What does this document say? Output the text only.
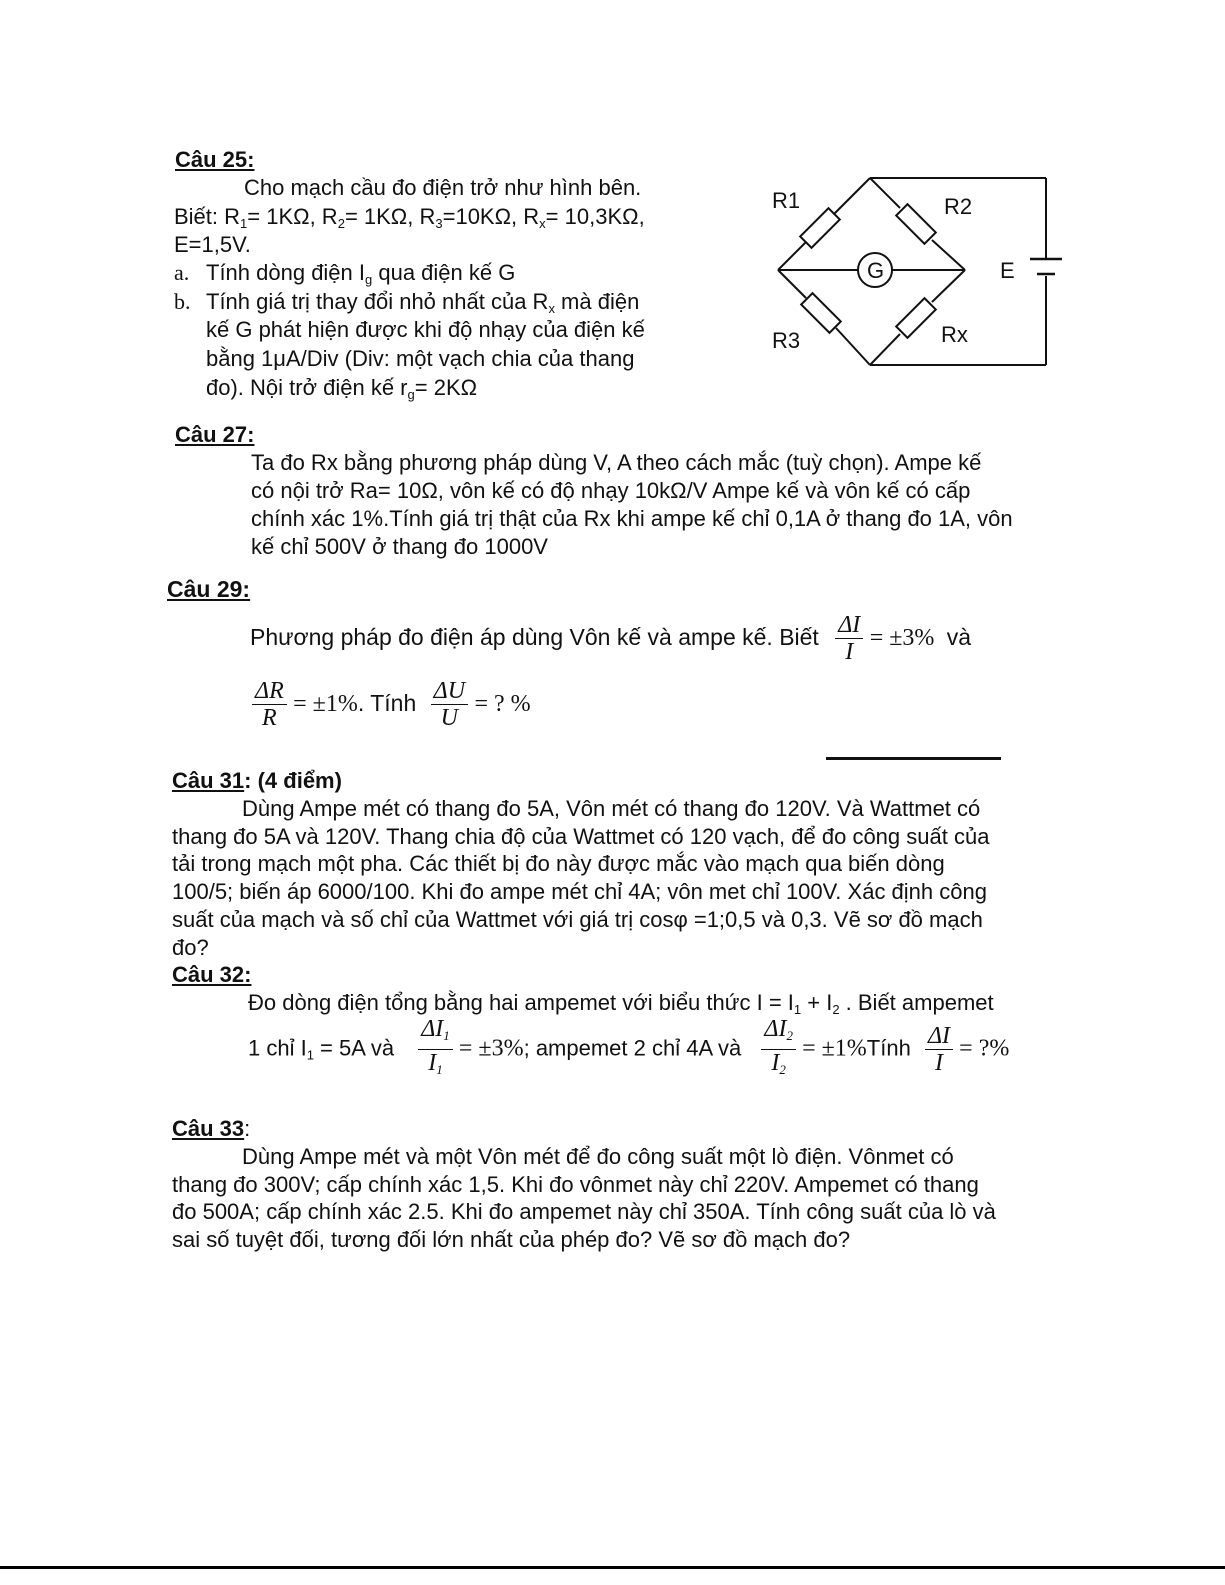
Câu 25:
Cho mạch cầu đo điện trở như hình bên.
Biết: $R_1= 1K\Omega$, $R_2= 1K\Omega$, $R_3=10K\Omega$, $R_x= 10,3K\Omega$,
E=1,5V.
a. Tính dòng điện $I_g$ qua điện kế G
b. Tính giá trị thay đổi nhỏ nhất của $R_x$ mà điện
kế G phát hiện được khi độ nhạy của điện kế
bằng 1μA/Div (Div: một vạch chia của thang
đo). Nội trở điện kế $r_g= 2K\Omega$
R1	R2
R3	Rx
G	E
Câu 27:
Ta đo Rx bằng phương pháp dùng V, A theo cách mắc (tuỳ chọn). Ampe kế
có nội trở Ra= 10Ω, vôn kế có độ nhạy 10kΩ/V Ampe kế và vôn kế có cấp
chính xác 1%.Tính giá trị thật của Rx khi ampe kế chỉ 0,1A ở thang đo 1A, vôn
kế chỉ 500V ở thang đo 1000V
Câu 29:
Phương pháp đo điện áp dùng Vôn kế và ampe kế. Biết $\frac{\Delta I}{I} = \pm 3\%$ và
$\frac{\Delta R}{R} = \pm 1\%$. Tính $\frac{\Delta U}{U}$ = ? %
Câu 31: (4 điểm)
Dùng Ampe mét có thang đo 5A, Vôn mét có thang đo 120V. Và Wattmet có
thang đo 5A và 120V. Thang chia độ của Wattmet có 120 vạch, để đo công suất của
tải trong mạch một pha. Các thiết bị đo này được mắc vào mạch qua biến dòng
100/5; biến áp 6000/100. Khi đo ampe mét chỉ 4A; vôn met chỉ 100V. Xác định công
suất của mạch và số chỉ của Wattmet với giá trị cosφ =1;0,5 và 0,3. Vẽ sơ đồ mạch
đo?
Câu 32:
Đo dòng điện tổng bằng hai ampemet với biểu thức $I = I_1 + I_2$ . Biết ampemet
1 chỉ $I_1 = 5A$ và $\frac{\Delta I_1}{I_1} = \pm 3\%$; ampemet 2 chỉ 4A và $\frac{\Delta I_2}{I_2}$ = ±1%Tính $\frac{\Delta I}{I}$ = ?%
Câu 33:
Dùng Ampe mét và một Vôn mét để đo công suất một lò điện. Vônmet có
thang đo 300V; cấp chính xác 1,5. Khi đo vônmet này chỉ 220V. Ampemet có thang
đo 500A; cấp chính xác 2.5. Khi đo ampemet này chỉ 350A. Tính công suất của lò và
sai số tuyệt đối, tương đối lớn nhất của phép đo? Vẽ sơ đồ mạch đo?
